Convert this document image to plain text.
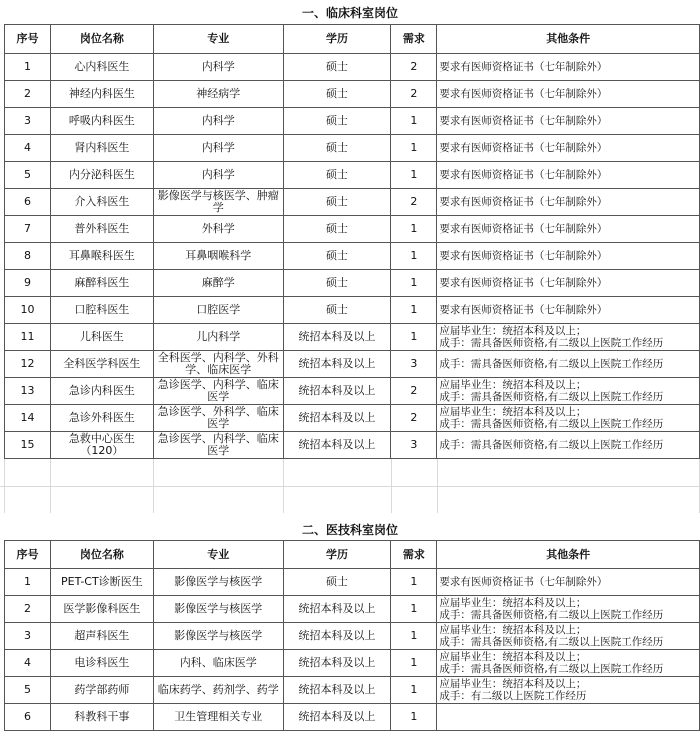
一、临床科室岗位
序号	岗位名称	专业	学历	需求	其他条件
1	心内科医生	内科学	硕士	2	要求有医师资格证书（七年制除外）

2	神经内科医生	神经病学	硕士	2	要求有医师资格证书（七年制除外）

3	呼吸内科医生	内科学	硕士	1	要求有医师资格证书（七年制除外）

4	肾内科医生	内科学	硕士	1	要求有医师资格证书（七年制除外）

5	内分泌科医生	内科学	硕士	1	要求有医师资格证书（七年制除外）

6	介入科医生	影像医学与核医学、肿瘤学	硕士	2	要求有医师资格证书（七年制除外）

7	普外科医生	外科学	硕士	1	要求有医师资格证书（七年制除外）

8	耳鼻喉科医生	耳鼻咽喉科学	硕士	1	要求有医师资格证书（七年制除外）

9	麻醉科医生	麻醉学	硕士	1	要求有医师资格证书（七年制除外）

10	口腔科医生	口腔医学	硕士	1	要求有医师资格证书（七年制除外）

11	儿科医生	儿内科学	统招本科及以上	1	应届毕业生：统招本科及以上；
成手：需具备医师资格,有二级以上医院工作经历

12	全科医学科医生	全科医学、内科学、外科学、临床医学	统招本科及以上	3	成手：需具备医师资格,有二级以上医院工作经历

13	急诊内科医生	急诊医学、内科学、临床医学	统招本科及以上	2	应届毕业生：统招本科及以上；
成手：需具备医师资格,有二级以上医院工作经历

14	急诊外科医生	急诊医学、外科学、临床医学	统招本科及以上	2	应届毕业生：统招本科及以上；
成手：需具备医师资格,有二级以上医院工作经历

15	急救中心医生（120）	急诊医学、内科学、临床医学	统招本科及以上	3	成手：需具备医师资格,有二级以上医院工作经历
二、医技科室岗位
序号	岗位名称	专业	学历	需求	其他条件
1	PET-CT诊断医生	影像医学与核医学	硕士	1	要求有医师资格证书（七年制除外）

2	医学影像科医生	影像医学与核医学	统招本科及以上	1	应届毕业生：统招本科及以上；
成手：需具备医师资格,有二级以上医院工作经历

3	超声科医生	影像医学与核医学	统招本科及以上	1	应届毕业生：统招本科及以上；
成手：需具备医师资格,有二级以上医院工作经历

4	电诊科医生	内科、临床医学	统招本科及以上	1	应届毕业生：统招本科及以上；
成手：需具备医师资格,有二级以上医院工作经历

5	药学部药师	临床药学、药剂学、药学	统招本科及以上	1	应届毕业生：统招本科及以上；
成手：有二级以上医院工作经历

6	科教科干事	卫生管理相关专业	统招本科及以上	1	
